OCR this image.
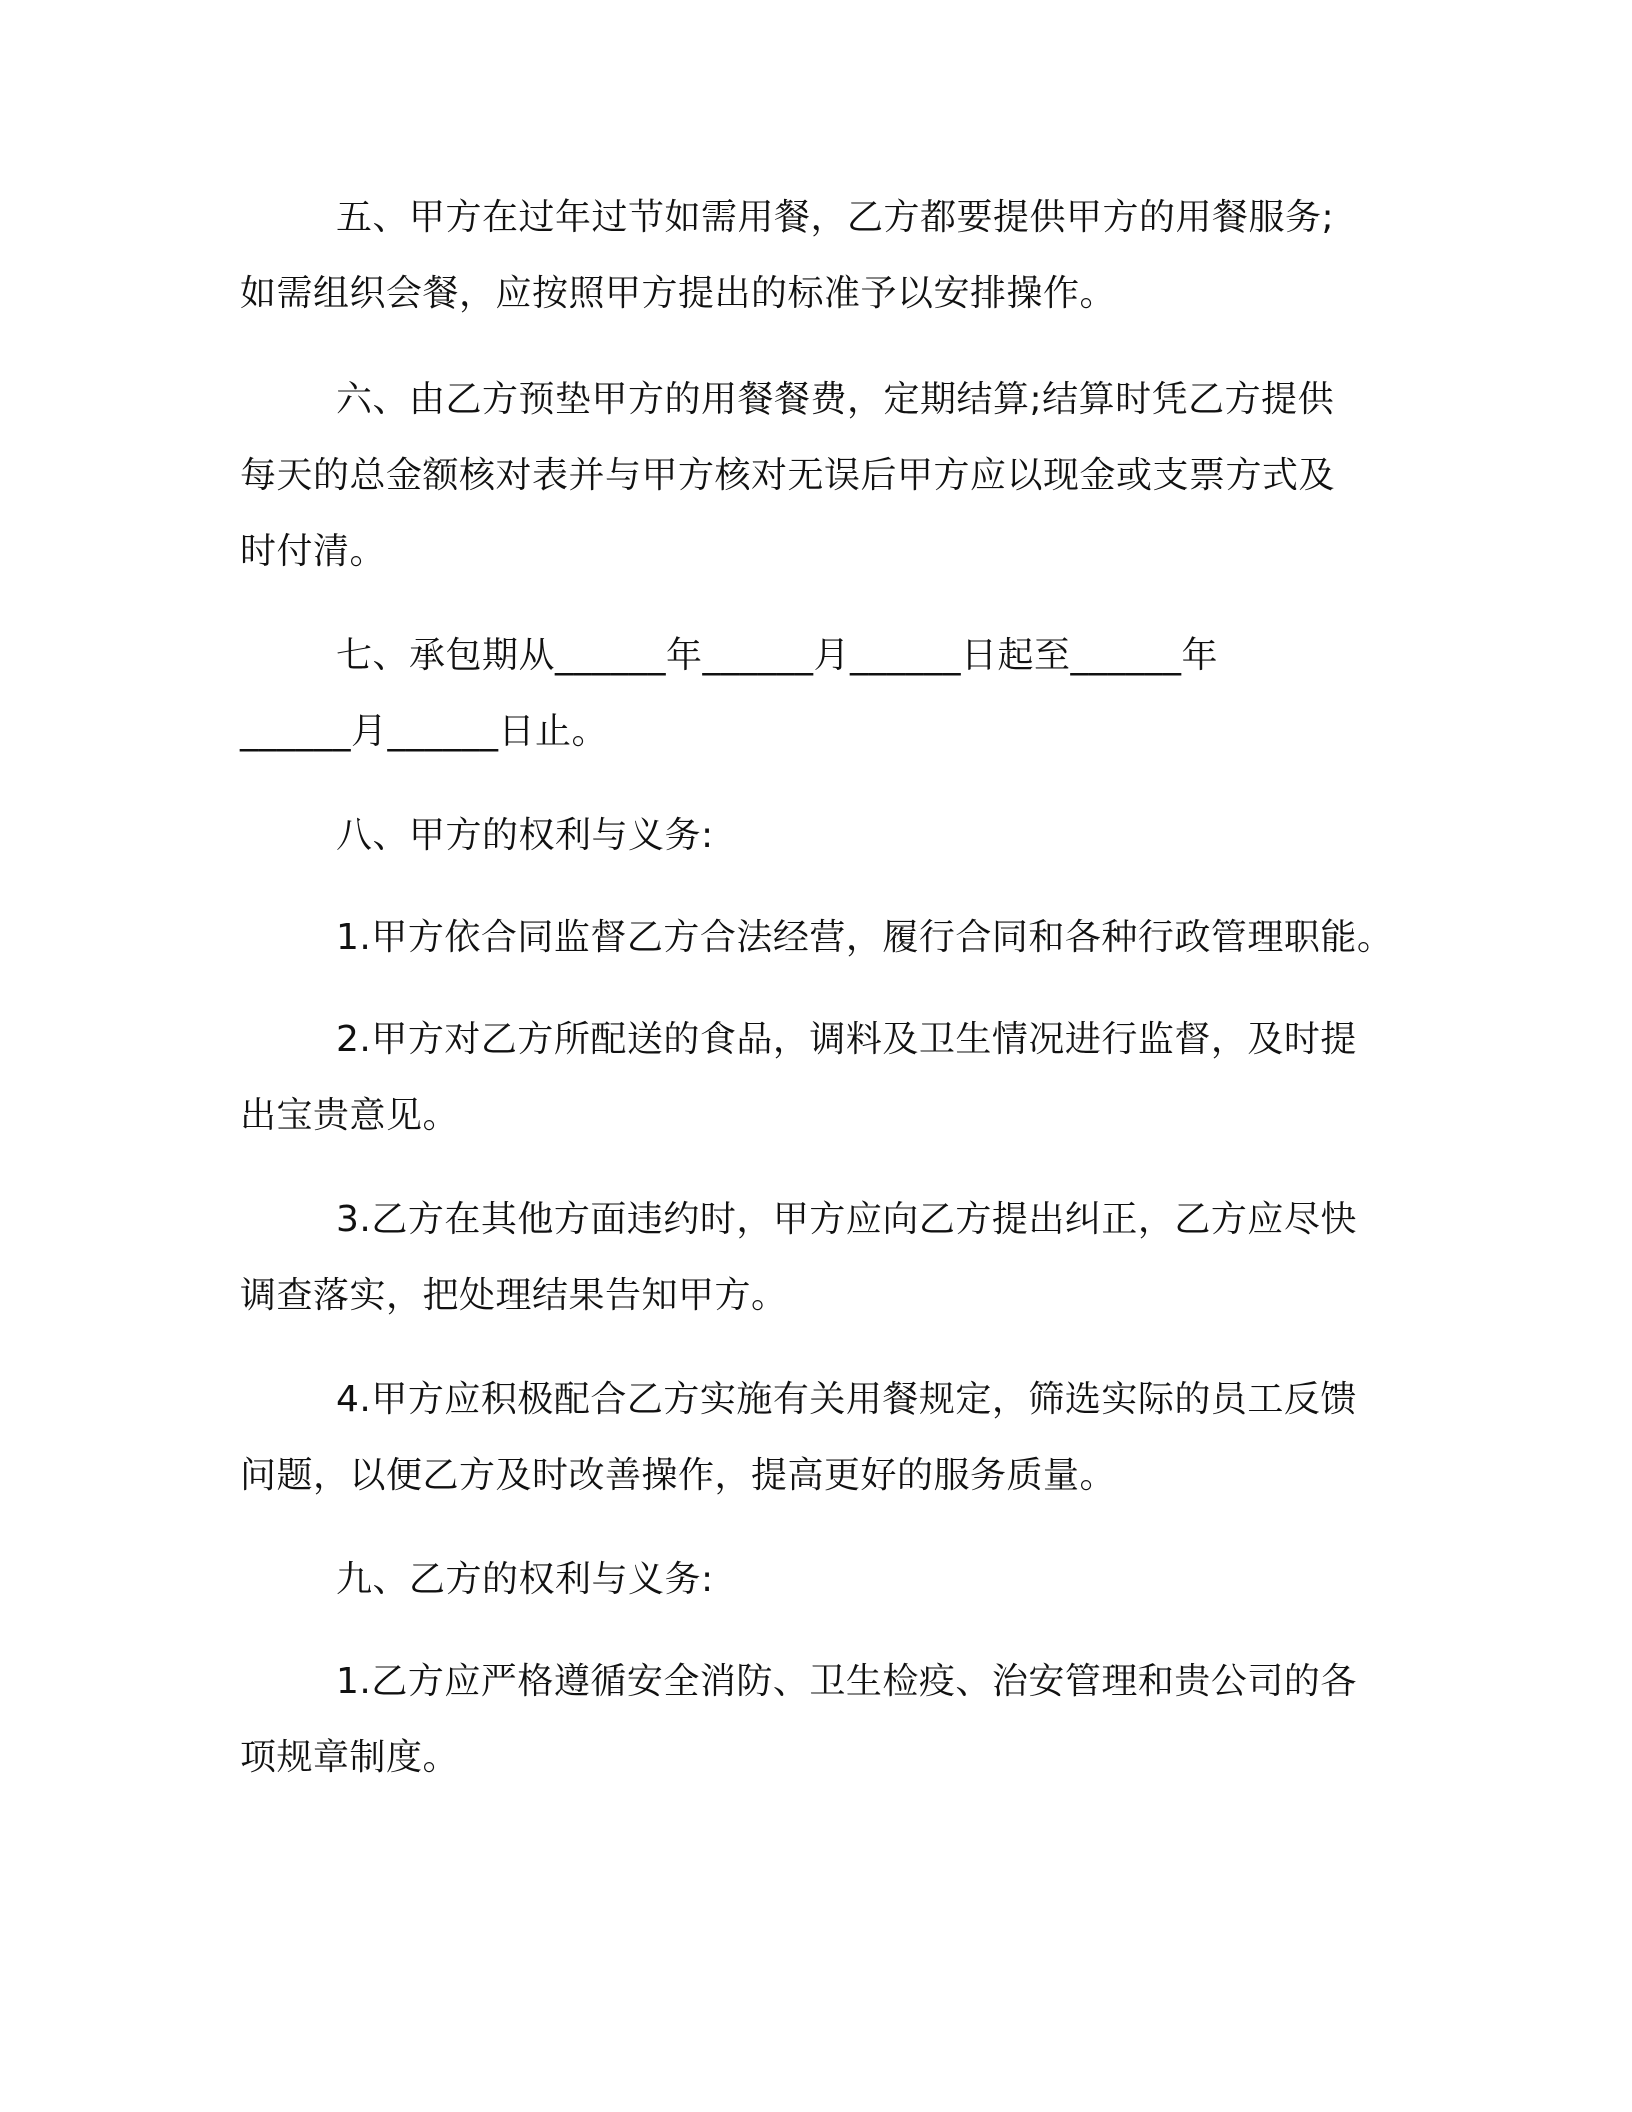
五、甲方在过年过节如需用餐，乙方都要提供甲方的用餐服务;
如需组织会餐，应按照甲方提出的标准予以安排操作。
六、由乙方预垫甲方的用餐餐费，定期结算;结算时凭乙方提供
每天的总金额核对表并与甲方核对无误后甲方应以现金或支票方式及
时付清。
七、承包期从______年______月______日起至______年
______月______日止。
八、甲方的权利与义务:
1.甲方依合同监督乙方合法经营，履行合同和各种行政管理职能。
2.甲方对乙方所配送的食品，调料及卫生情况进行监督，及时提
出宝贵意见。
3.乙方在其他方面违约时，甲方应向乙方提出纠正，乙方应尽快
调查落实，把处理结果告知甲方。
4.甲方应积极配合乙方实施有关用餐规定，筛选实际的员工反馈
问题，以便乙方及时改善操作，提高更好的服务质量。
九、乙方的权利与义务:
1.乙方应严格遵循安全消防、卫生检疫、治安管理和贵公司的各
项规章制度。
